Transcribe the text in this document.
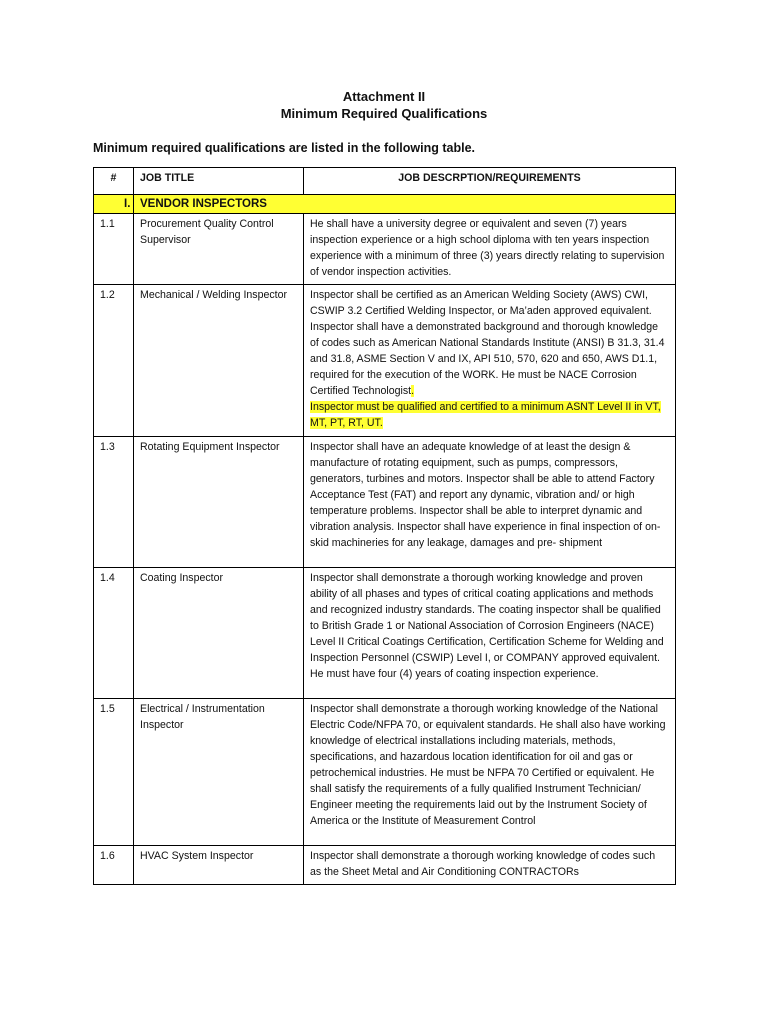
Attachment II
Minimum Required Qualifications
Minimum required qualifications are listed in the following table.
#	JOB TITLE	JOB DESCRPTION/REQUIREMENTS
I.	VENDOR INSPECTORS	
1.1	Procurement Quality Control Supervisor	He shall have a university degree or equivalent and seven (7) years inspection experience or a high school diploma with ten years inspection experience with a minimum of three (3) years directly relating to supervision of vendor inspection activities.
1.2	Mechanical / Welding Inspector	Inspector shall be certified as an American Welding Society (AWS) CWI, CSWIP 3.2 Certified Welding Inspector, or Ma’aden approved equivalent. Inspector shall have a demonstrated background and thorough knowledge of codes such as American National Standards Institute (ANSI) B 31.3, 31.4 and 31.8, ASME Section V and IX, API 510, 570, 620 and 650, AWS D1.1, required for the execution of the WORK. He must be NACE Corrosion Certified Technologist.
Inspector must be qualified and certified to a minimum ASNT Level II in VT, MT, PT, RT, UT.
1.3	Rotating Equipment Inspector	Inspector shall have an adequate knowledge of at least the design & manufacture of rotating equipment, such as pumps, compressors, generators, turbines and motors. Inspector shall be able to attend Factory Acceptance Test (FAT) and report any dynamic, vibration and/ or high temperature problems. Inspector shall be able to interpret dynamic and vibration analysis. Inspector shall have experience in final inspection of on-skid machineries for any leakage, damages and pre- shipment
1.4	Coating Inspector	Inspector shall demonstrate a thorough working knowledge and proven ability of all phases and types of critical coating applications and methods and recognized industry standards. The coating inspector shall be qualified to British Grade 1 or National Association of Corrosion Engineers (NACE) Level II Critical Coatings Certification, Certification Scheme for Welding and Inspection Personnel (CSWIP) Level I, or COMPANY approved equivalent. He must have four (4) years of coating inspection experience.
1.5	Electrical / Instrumentation Inspector	Inspector shall demonstrate a thorough working knowledge of the National Electric Code/NFPA 70, or equivalent standards. He shall also have working knowledge of electrical installations including materials, methods, specifications, and hazardous location identification for oil and gas or petrochemical industries. He must be NFPA 70 Certified or equivalent. He shall satisfy the requirements of a fully qualified Instrument Technician/ Engineer meeting the requirements laid out by the Instrument Society of America or the Institute of Measurement Control
1.6	HVAC System Inspector	Inspector shall demonstrate a thorough working knowledge of codes such as the Sheet Metal and Air Conditioning CONTRACTORs
